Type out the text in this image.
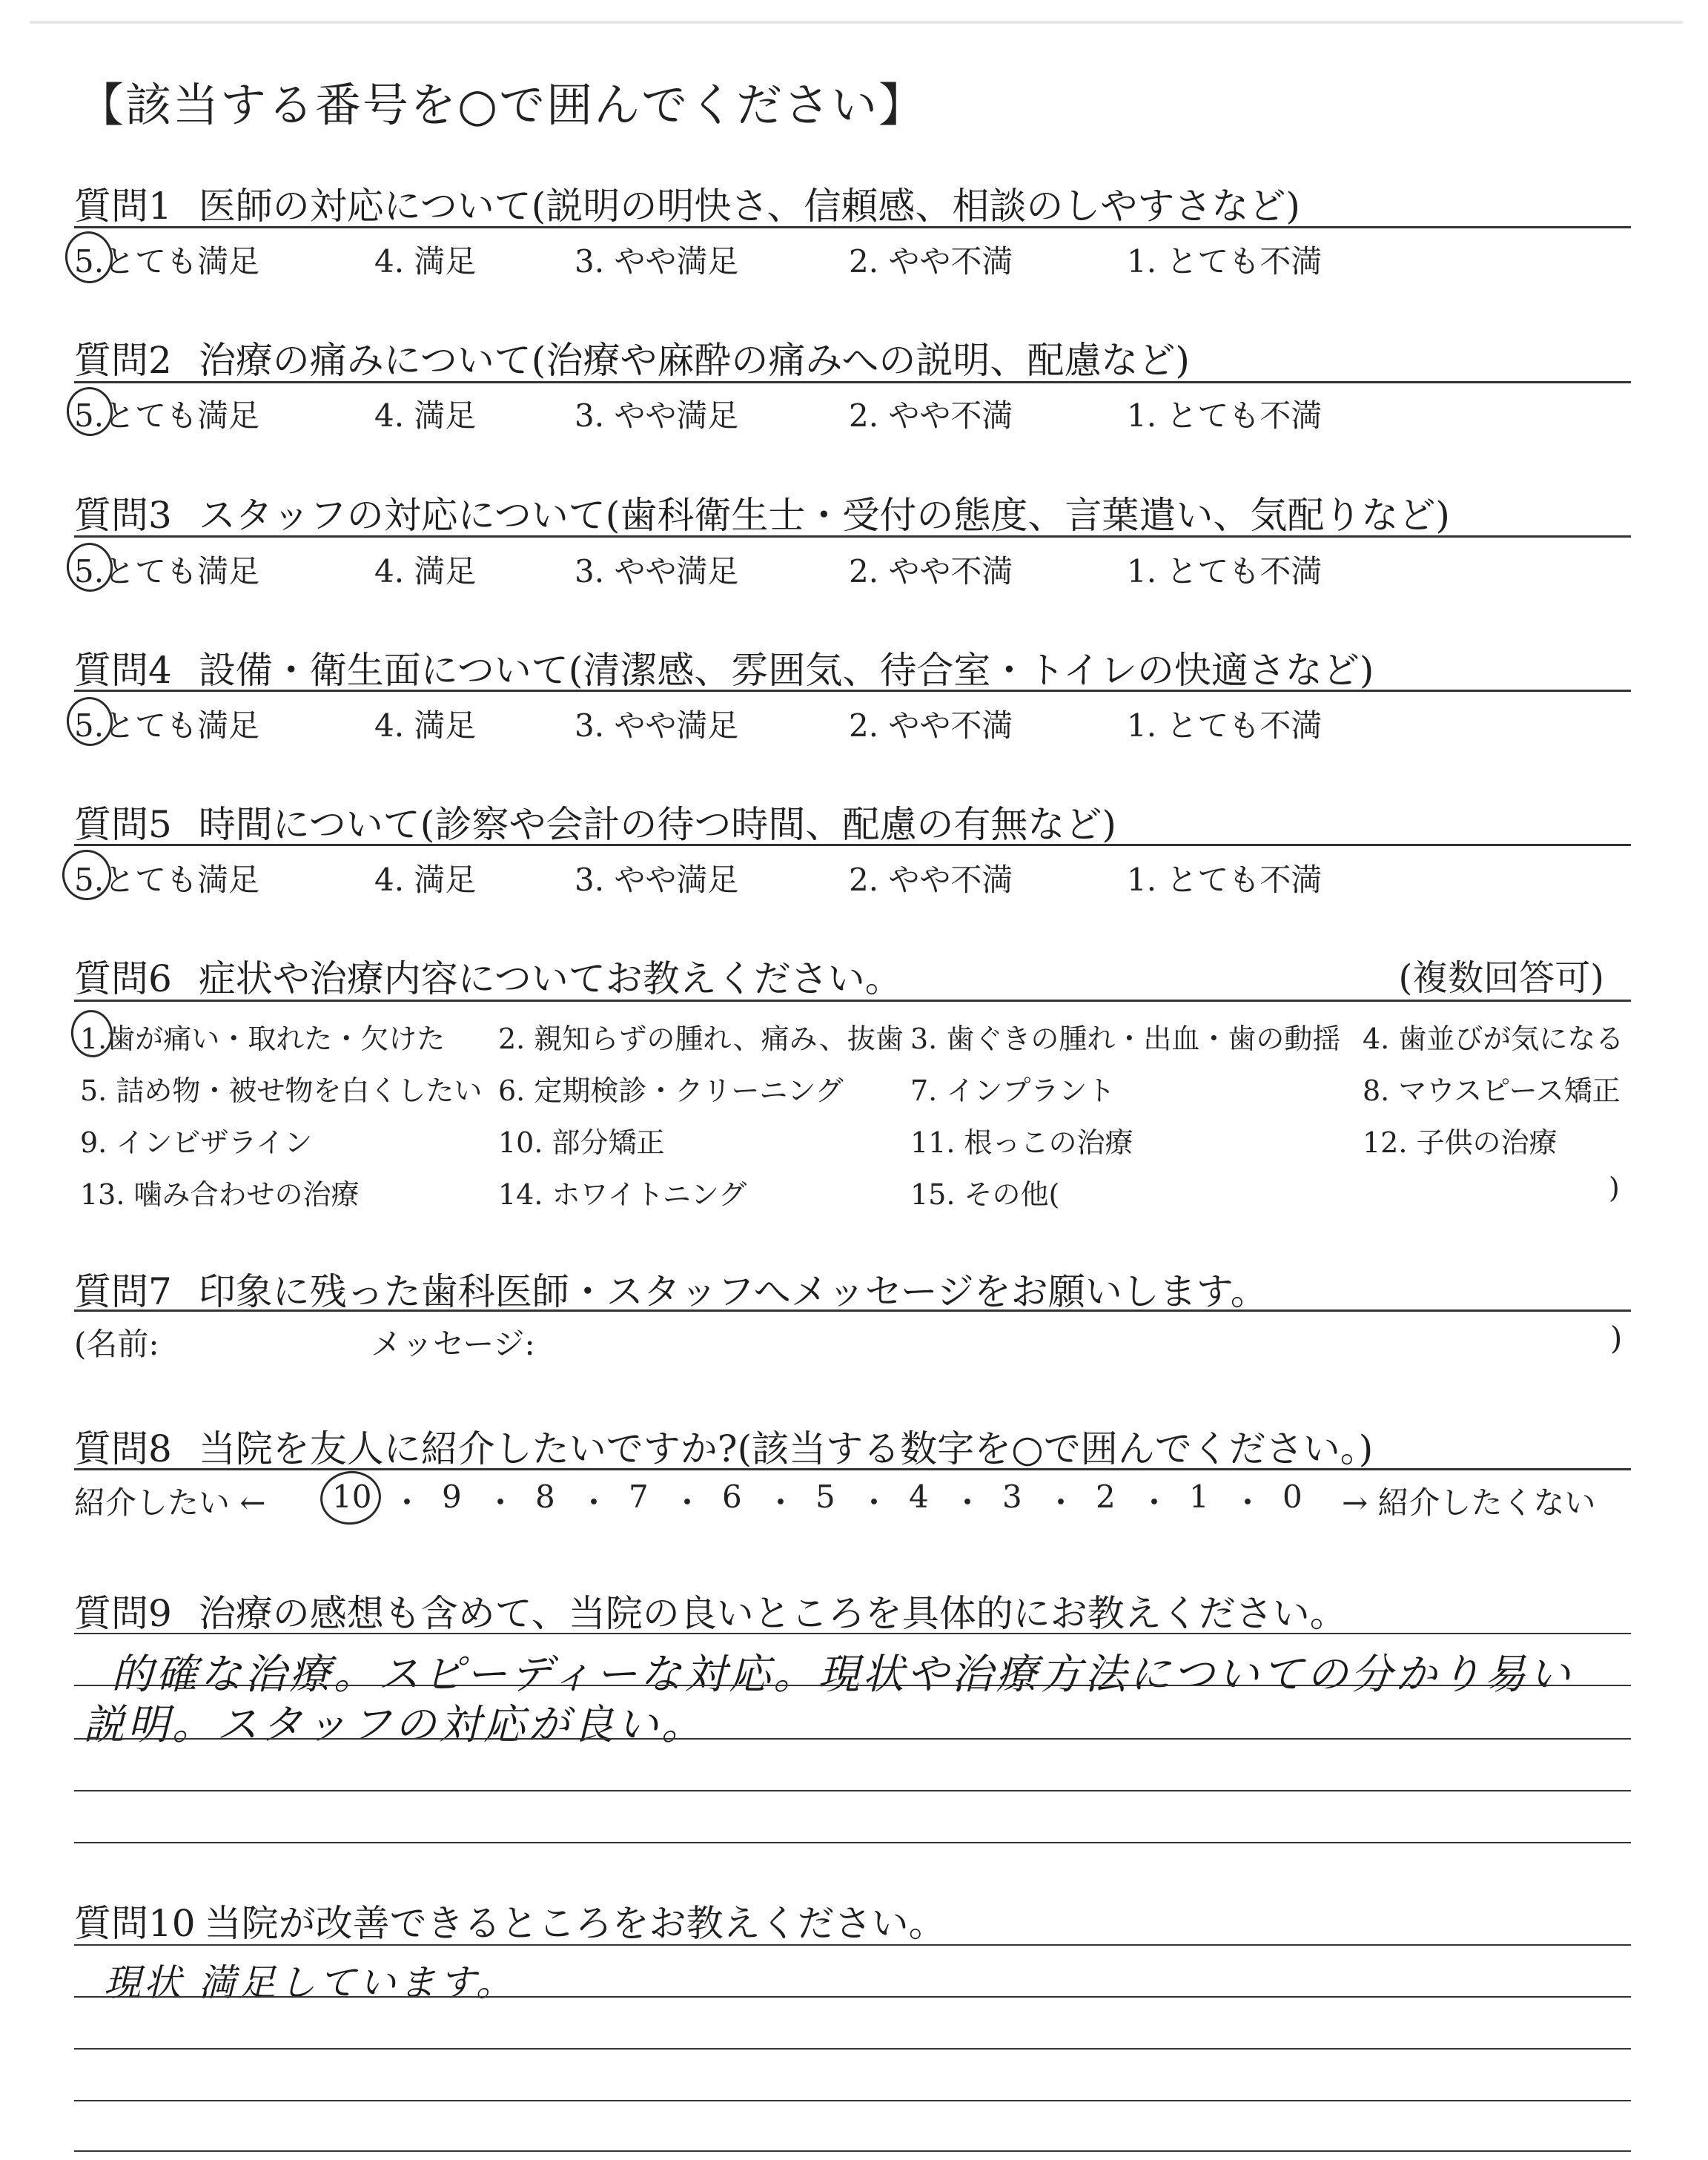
【該当する番号を○で囲んでください】
質問1 医師の対応について(説明の明快さ、信頼感、相談のしやすさなど)
5.とても満足	4. 満足	3. やや満足	2. やや不満	1. とても不満
質問2 治療の痛みについて(治療や麻酔の痛みへの説明、配慮など)
5.とても満足	4. 満足	3. やや満足	2. やや不満	1. とても不満
質問3 スタッフの対応について(歯科衛生士・受付の態度、言葉遣い、気配りなど)
5.とても満足	4. 満足	3. やや満足	2. やや不満	1. とても不満
質問4 設備・衛生面について(清潔感、雰囲気、待合室・トイレの快適さなど)
5.とても満足	4. 満足	3. やや満足	2. やや不満	1. とても不満
質問5 時間について(診察や会計の待つ時間、配慮の有無など)
5.とても満足	4. 満足	3. やや満足	2. やや不満	1. とても不満
質問6 症状や治療内容についてお教えください。	(複数回答可)
1.歯が痛い・取れた・欠けた 2. 親知らずの腫れ、痛み、抜歯 3. 歯ぐきの腫れ・出血・歯の動揺 4. 歯並びが気になる
5. 詰め物・被せ物を白くしたい 6. 定期検診・クリーニング 7. インプラント	8. マウスピース矯正
9. インビザライン	10. 部分矯正	11. 根っこの治療	12. 子供の治療
13. 噛み合わせの治療	14. ホワイトニング	15. その他(	)
質問7 印象に残った歯科医師・スタッフへメッセージをお願いします。
(名前:	メッセージ:	)
質問8 当院を友人に紹介したいですか?(該当する数字を○で囲んでください。)
紹介したい ← 10 ・ 9 ・ 8 ・ 7 ・ 6 ・ 5 ・ 4 ・ 3 ・ 2 ・ 1 ・ 0 → 紹介したくない
質問9 治療の感想も含めて、当院の良いところを具体的にお教えください。
的確な治療。スピーディーな対応。現状や治療方法についての分かり易い
説明。スタッフの対応が良い。
質問10 当院が改善できるところをお教えください。
現状 満足しています。
